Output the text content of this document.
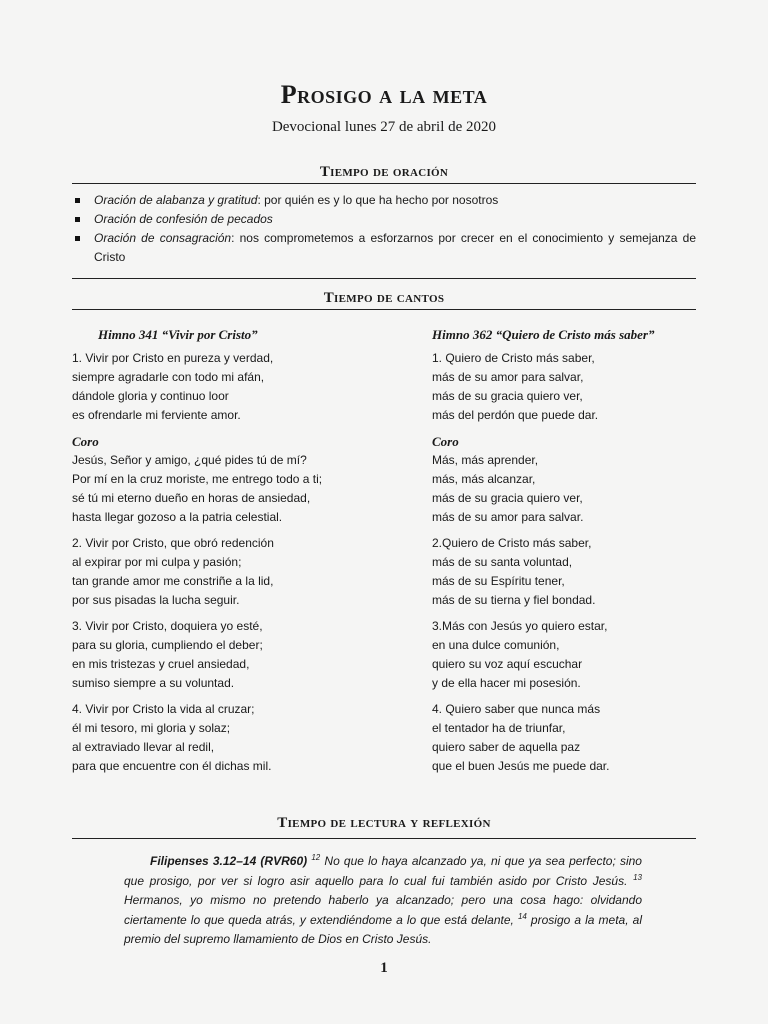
Prosigo a la meta
Devocional lunes 27 de abril de 2020
Tiempo de oración
Oración de alabanza y gratitud: por quién es y lo que ha hecho por nosotros
Oración de confesión de pecados
Oración de consagración: nos comprometemos a esforzarnos por crecer en el conocimiento y semejanza de Cristo
Tiempo de cantos
Himno 341 “Vivir por Cristo”
1. Vivir por Cristo en pureza y verdad,
siempre agradarle con todo mi afán,
dándole gloria y continuo loor
es ofrendarle mi ferviente amor.
Coro
Jesús, Señor y amigo, ¿qué pides tú de mí?
Por mí en la cruz moriste, me entrego todo a ti;
sé tú mi eterno dueño en horas de ansiedad,
hasta llegar gozoso a la patria celestial.
2. Vivir por Cristo, que obró redención
al expirar por mi culpa y pasión;
tan grande amor me constriñe a la lid,
por sus pisadas la lucha seguir.
3. Vivir por Cristo, doquiera yo esté,
para su gloria, cumpliendo el deber;
en mis tristezas y cruel ansiedad,
sumiso siempre a su voluntad.
4. Vivir por Cristo la vida al cruzar;
él mi tesoro, mi gloria y solaz;
al extraviado llevar al redil,
para que encuentre con él dichas mil.
Himno 362 “Quiero de Cristo más saber”
1. Quiero de Cristo más saber,
más de su amor para salvar,
más de su gracia quiero ver,
más del perdón que puede dar.
Coro
Más, más aprender,
más, más alcanzar,
más de su gracia quiero ver,
más de su amor para salvar.
2.Quiero de Cristo más saber,
más de su santa voluntad,
más de su Espíritu tener,
más de su tierna y fiel bondad.
3.Más con Jesús yo quiero estar,
en una dulce comunión,
quiero su voz aquí escuchar
y de ella hacer mi posesión.
4. Quiero saber que nunca más
el tentador ha de triunfar,
quiero saber de aquella paz
que el buen Jesús me puede dar.
Tiempo de lectura y reflexión

Filipenses 3.12–14 (RVR60) $^{12}$ No que lo haya alcanzado ya, ni que ya sea perfecto; sino que prosigo, por ver si logro asir aquello para lo cual fui también asido por Cristo Jesús. $^{13}$ Hermanos, yo mismo no pretendo haberlo ya alcanzado; pero una cosa hago: olvidando ciertamente lo que queda atrás, y extendiéndome a lo que está delante, $^{14}$ prosigo a la meta, al premio del supremo llamamiento de Dios en Cristo Jesús.

1
